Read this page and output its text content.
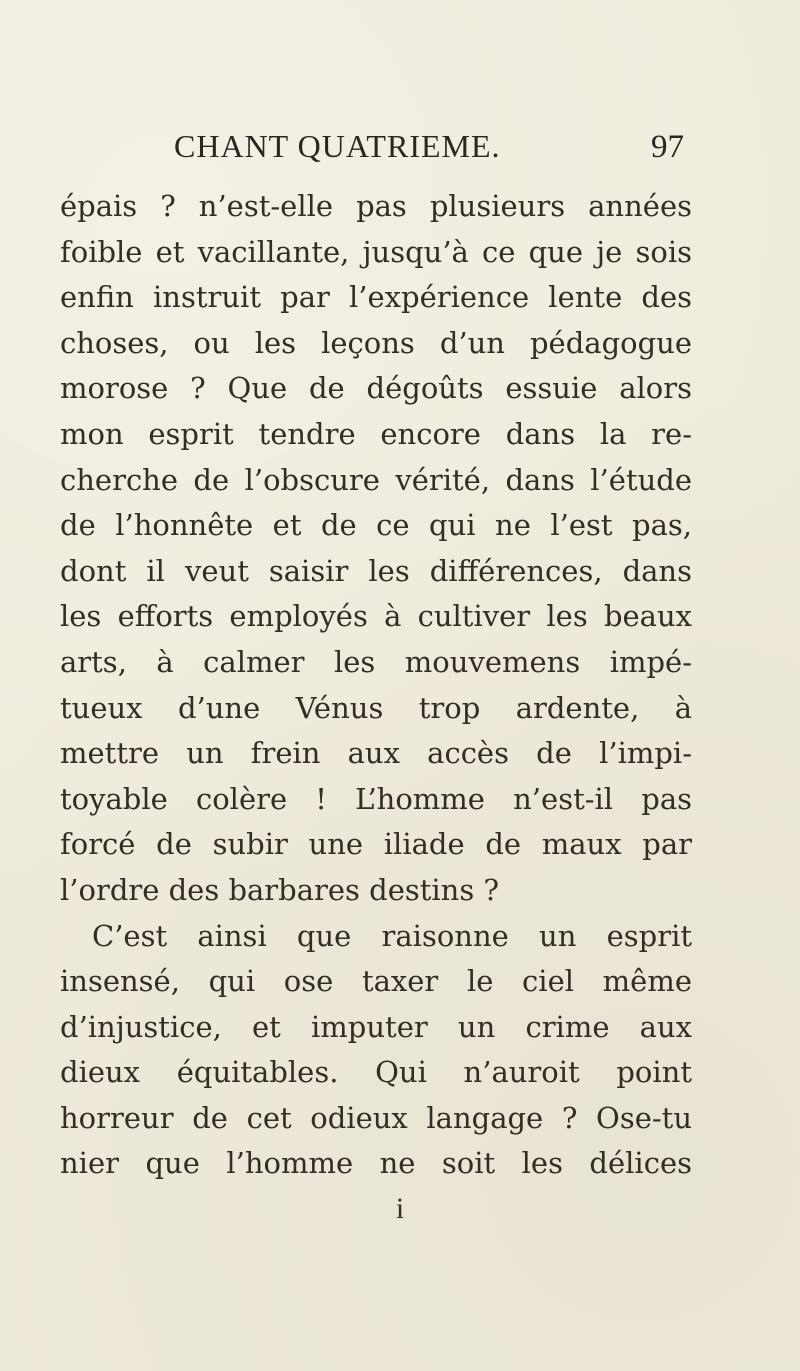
CHANT QUATRIEME.	97
épais ? n’est-elle pas plusieurs années
foible et vacillante, jusqu’à ce que je sois
enfin instruit par l’expérience lente des
choses, ou les leçons d’un pédagogue
morose ? Que de dégoûts essuie alors
mon esprit tendre encore dans la re-
cherche de l’obscure vérité, dans l’étude
de l’honnête et de ce qui ne l’est pas,
dont il veut saisir les différences, dans
les efforts employés à cultiver les beaux
arts, à calmer les mouvemens impé-
tueux d’une Vénus trop ardente, à
mettre un frein aux accès de l’impi-
toyable colère ! L’homme n’est-il pas
forcé de subir une iliade de maux par
l’ordre des barbares destins ?
C’est ainsi que raisonne un esprit
insensé, qui ose taxer le ciel même
d’injustice, et imputer un crime aux
dieux équitables. Qui n’auroit point
horreur de cet odieux langage ? Ose-tu
nier que l’homme ne soit les délices
i
